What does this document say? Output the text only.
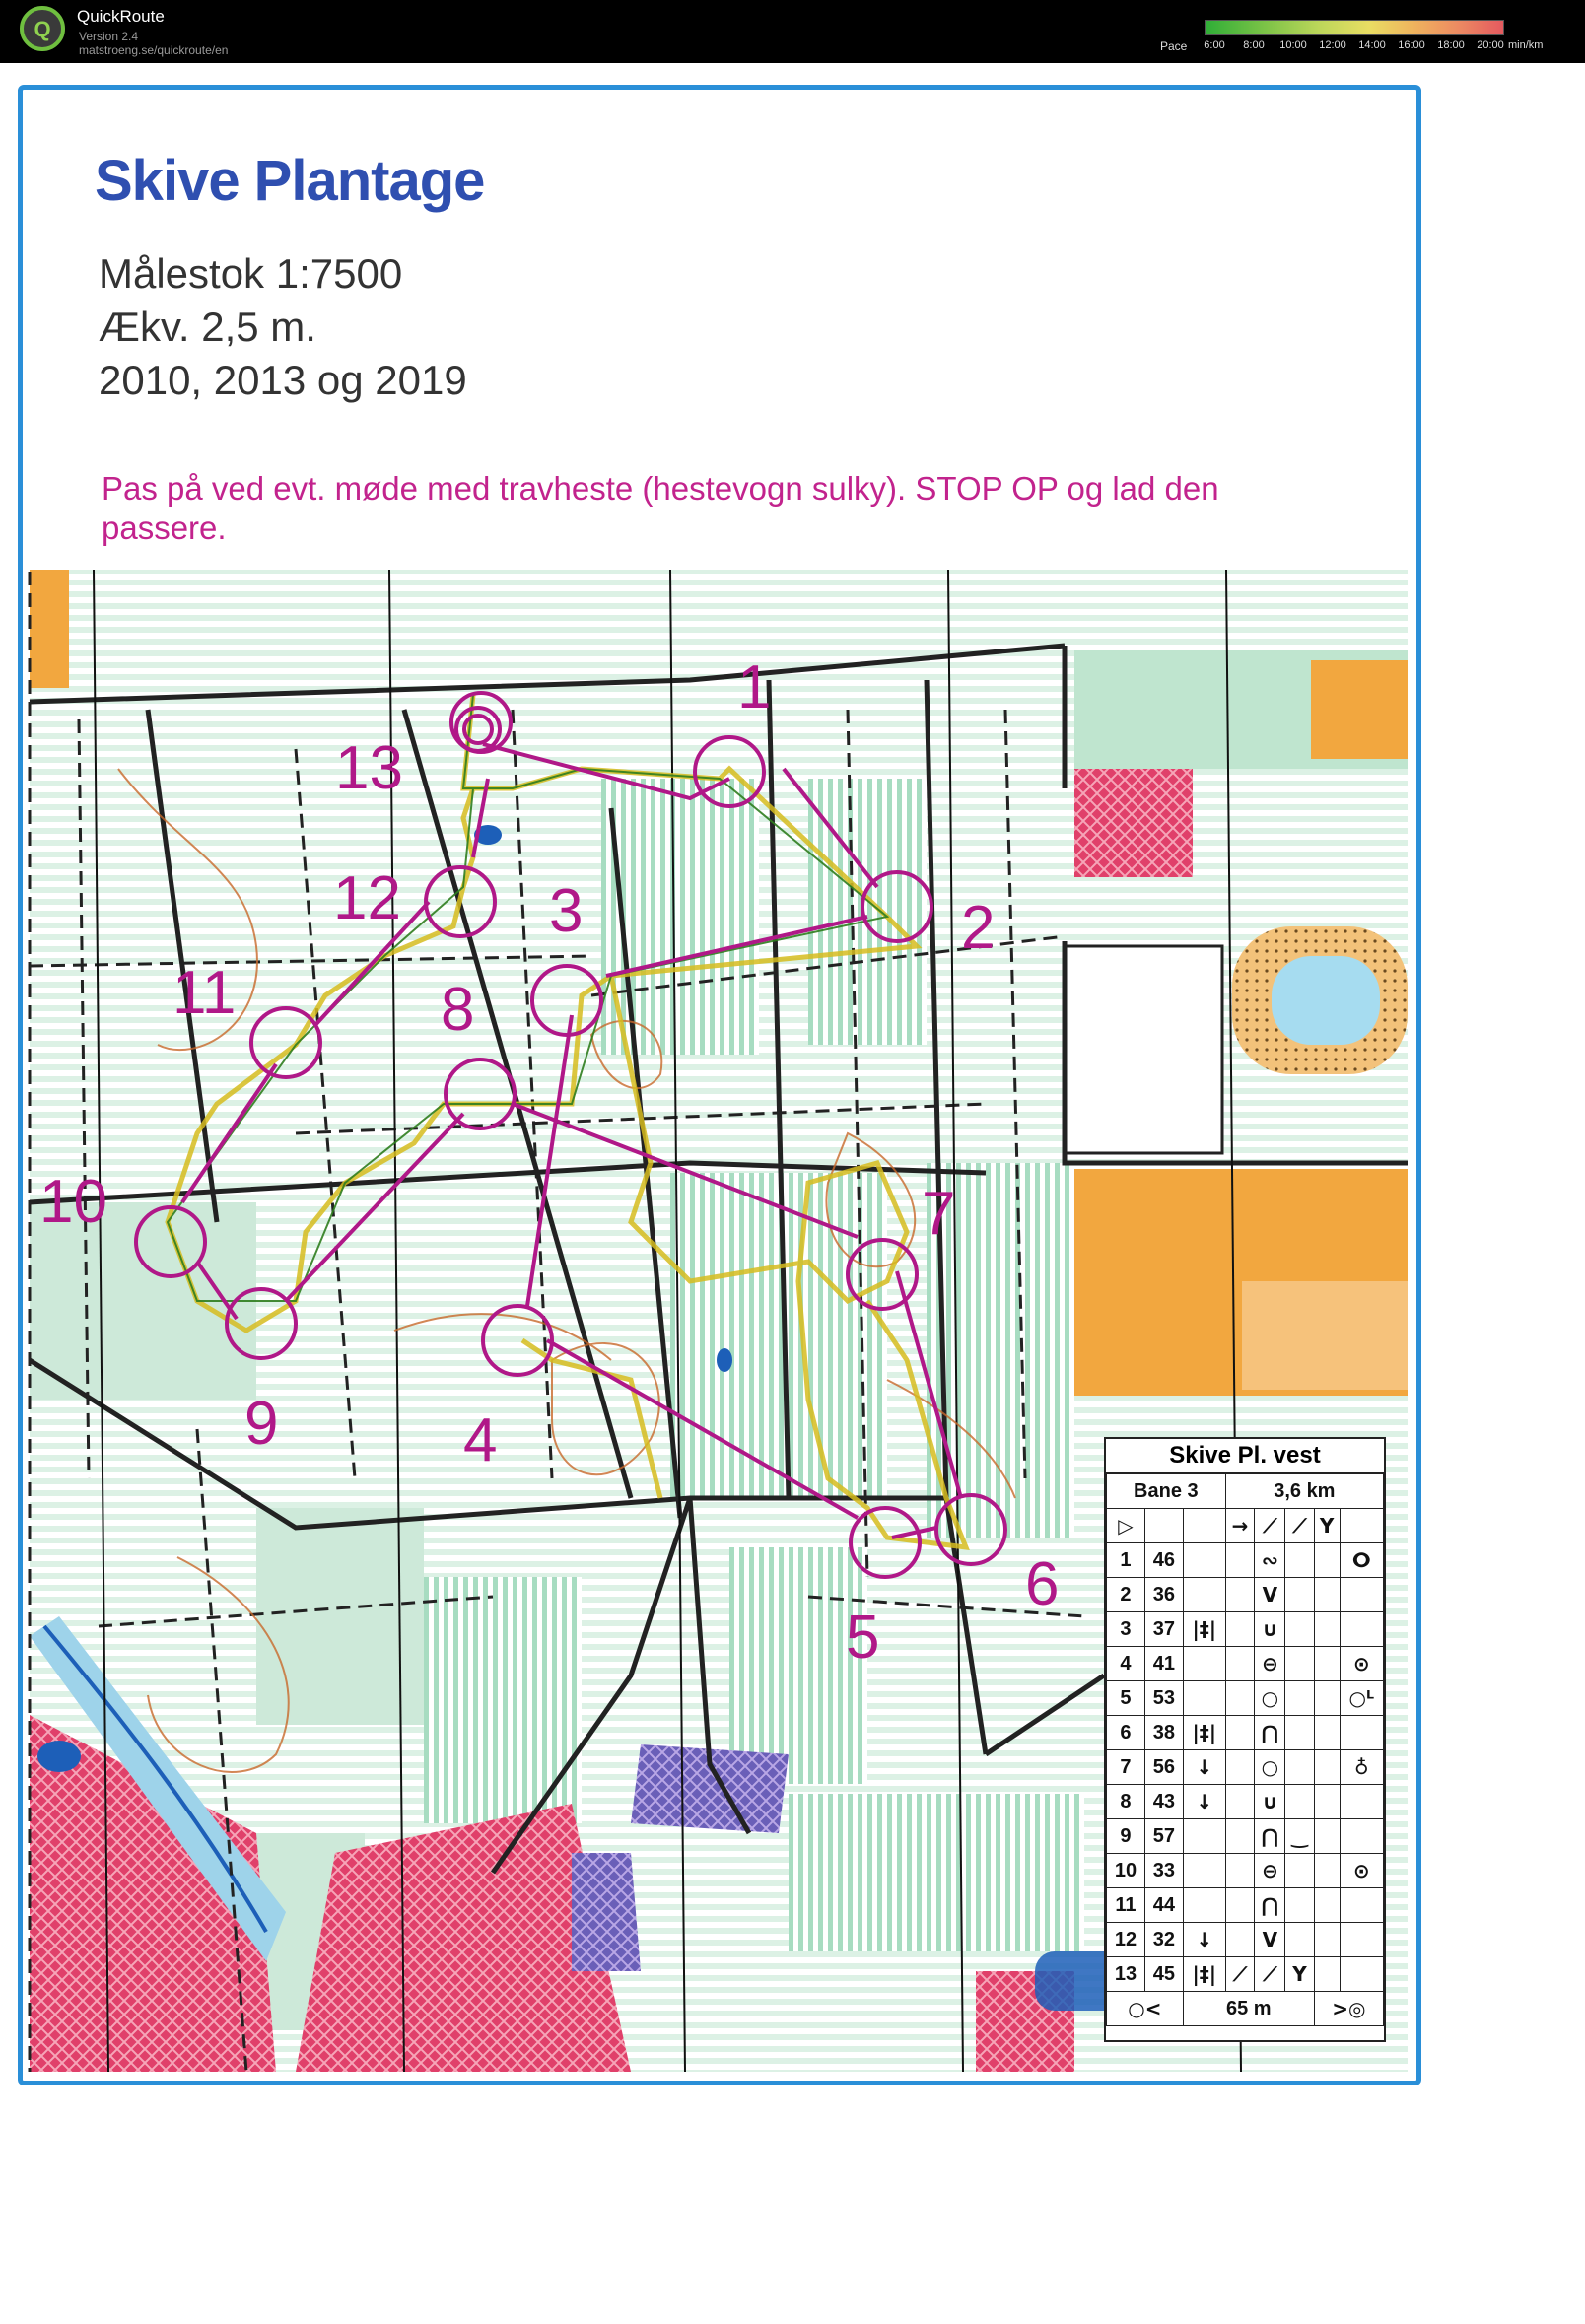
Q
QuickRoute
Version 2.4
matstroeng.se/quickroute/en	Pace 6:00 8:00 10:00 12:00 14:00 16:00 18:00 20:00 min/km
1
2
3
4
5
6
7
8
9
10
11
12
13
Skive Plantage
Målestok 1:7500
Ækv. 2,5 m.
2010, 2013 og 2019
Pas på ved evt. møde med travheste (hestevogn sulky). STOP OP og lad den
passere.
Skive Pl. vest
Bane 3			3,6 km				
▷			→	⟋	⟋	Y	
1	46			∾			ⵔ
2	36			V			
3	37	|‡|		∪			
4	41			⊖			⊙
5	53			○			○ᴸ
6	38	|‡|		⋂			
7	56	↓		○			♁
8	43	↓		∪			
9	57			⋂	‿		
10	33			⊖			⊙
11	44			⋂			
12	32	↓		V			
13	45	|‡|	⟋	⟋	Y		
○<		65 m				>◎	
